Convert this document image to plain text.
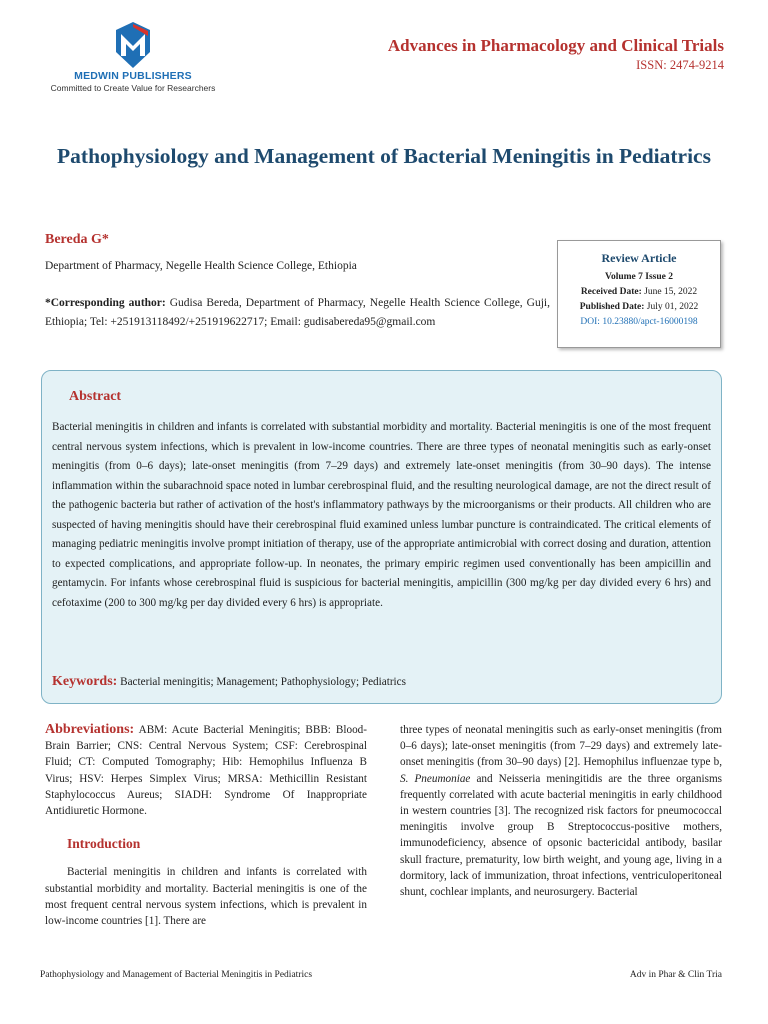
MEDWIN PUBLISHERS
Committed to Create Value for Researchers
Advances in Pharmacology and Clinical Trials
ISSN: 2474-9214
Pathophysiology and Management of Bacterial Meningitis in Pediatrics
Bereda G*
Department of Pharmacy, Negelle Health Science College, Ethiopia
*Corresponding author: Gudisa Bereda, Department of Pharmacy, Negelle Health Science College, Guji, Ethiopia; Tel: +251913118492/+251919622717; Email: gudisabereda95@gmail.com
Review Article
Volume 7 Issue 2
Received Date: June 15, 2022
Published Date: July 01, 2022
DOI: 10.23880/apct-16000198
Abstract
Bacterial meningitis in children and infants is correlated with substantial morbidity and mortality. Bacterial meningitis is one of the most frequent central nervous system infections, which is prevalent in low-income countries. There are three types of neonatal meningitis such as early-onset meningitis (from 0–6 days); late-onset meningitis (from 7–29 days) and extremely late-onset meningitis (from 30–90 days). The intense inflammation within the subarachnoid space noted in lumbar cerebrospinal fluid, and the resulting neurological damage, are not the direct result of the pathogenic bacteria but rather of activation of the host's inflammatory pathways by the microorganisms or their products. All children who are suspected of having meningitis should have their cerebrospinal fluid examined unless lumbar puncture is contraindicated. The critical elements of managing pediatric meningitis involve prompt initiation of therapy, use of the appropriate antimicrobial with correct dosing and duration, attention to expected complications, and appropriate follow-up. In neonates, the primary empiric regimen used conventionally has been ampicillin and gentamycin. For infants whose cerebrospinal fluid is suspicious for bacterial meningitis, ampicillin (300 mg/kg per day divided every 6 hrs) and cefotaxime (200 to 300 mg/kg per day divided every 6 hrs) is appropriate.
Keywords: Bacterial meningitis; Management; Pathophysiology; Pediatrics
Abbreviations: ABM: Acute Bacterial Meningitis; BBB: Blood-Brain Barrier; CNS: Central Nervous System; CSF: Cerebrospinal Fluid; CT: Computed Tomography; Hib: Hemophilus Influenza B Virus; HSV: Herpes Simplex Virus; MRSA: Methicillin Resistant Staphylococcus Aureus; SIADH: Syndrome Of Inappropriate Antidiuretic Hormone.
Introduction
Bacterial meningitis in children and infants is correlated with substantial morbidity and mortality. Bacterial meningitis is one of the most frequent central nervous system infections, which is prevalent in low-income countries [1]. There are
three types of neonatal meningitis such as early-onset meningitis (from 0–6 days); late-onset meningitis (from 7–29 days) and extremely late-onset meningitis (from 30–90 days) [2]. Hemophilus influenzae type b, S. Pneumoniae and Neisseria meningitidis are the three organisms frequently correlated with acute bacterial meningitis in early childhood in western countries [3]. The recognized risk factors for pneumococcal meningitis involve group B Streptococcus-positive mothers, immunodeficiency, absence of opsonic bactericidal antibody, basilar skull fracture, prematurity, low birth weight, and young age, living in a dormitory, lack of immunization, throat infections, ventriculoperitoneal shunt, cochlear implants, and neurosurgery. Bacterial
Pathophysiology and Management of Bacterial Meningitis in Pediatrics	Adv in Phar & Clin Tria
